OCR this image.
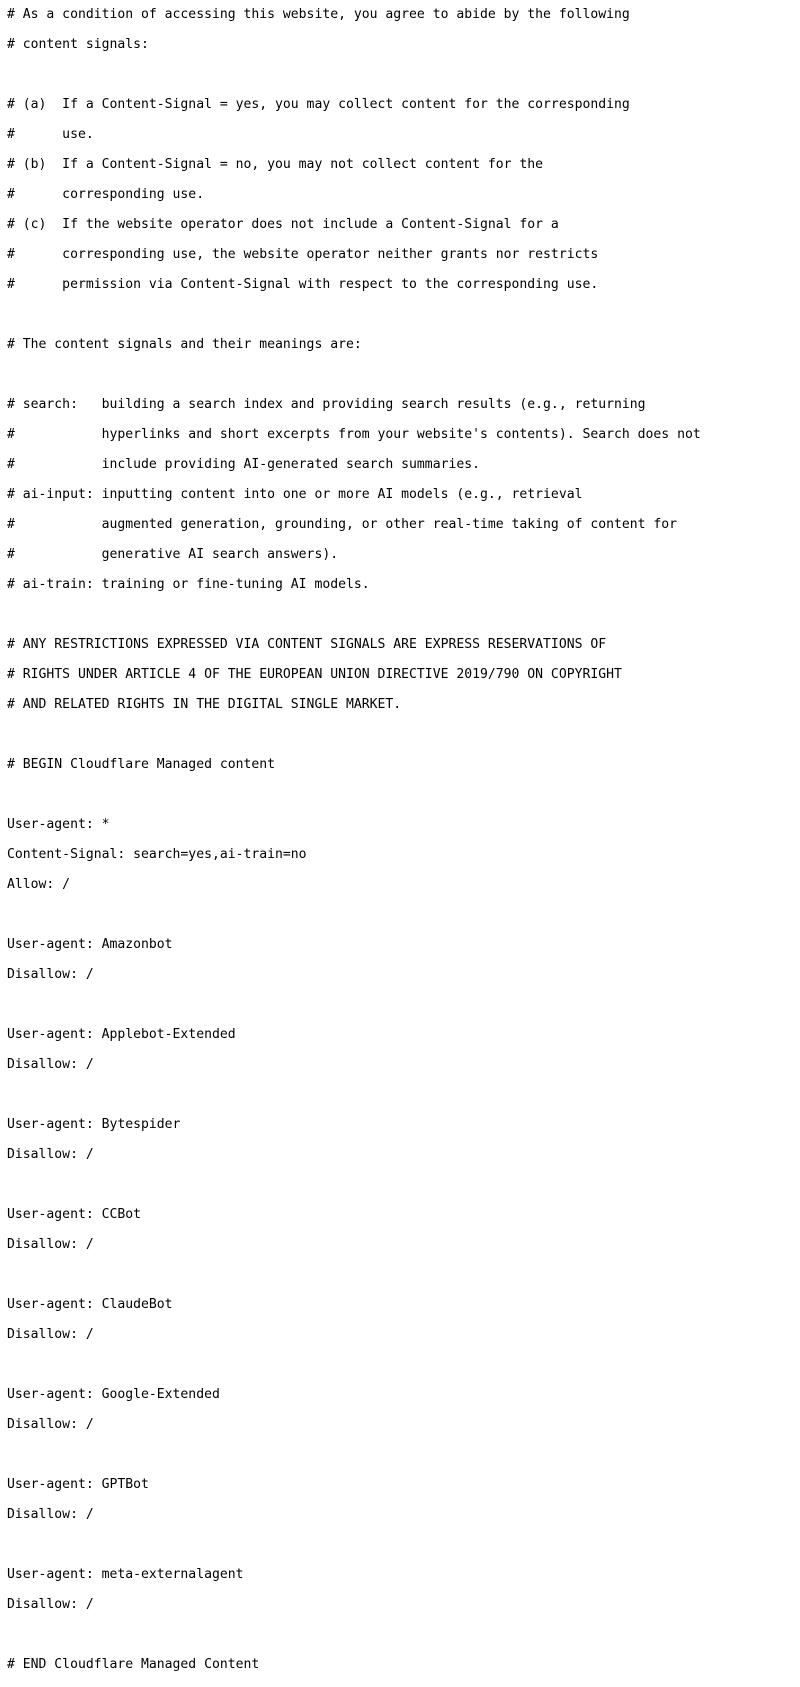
# As a condition of accessing this website, you agree to abide by the following

# content signals:

# (a)  If a Content-Signal = yes, you may collect content for the corresponding

#      use.

# (b)  If a Content-Signal = no, you may not collect content for the

#      corresponding use.

# (c)  If the website operator does not include a Content-Signal for a

#      corresponding use, the website operator neither grants nor restricts

#      permission via Content-Signal with respect to the corresponding use.

# The content signals and their meanings are:

# search:   building a search index and providing search results (e.g., returning

#           hyperlinks and short excerpts from your website's contents). Search does not

#           include providing AI-generated search summaries.

# ai-input: inputting content into one or more AI models (e.g., retrieval

#           augmented generation, grounding, or other real-time taking of content for

#           generative AI search answers).

# ai-train: training or fine-tuning AI models.

# ANY RESTRICTIONS EXPRESSED VIA CONTENT SIGNALS ARE EXPRESS RESERVATIONS OF

# RIGHTS UNDER ARTICLE 4 OF THE EUROPEAN UNION DIRECTIVE 2019/790 ON COPYRIGHT

# AND RELATED RIGHTS IN THE DIGITAL SINGLE MARKET.

# BEGIN Cloudflare Managed content

User-agent: *

Content-Signal: search=yes,ai-train=no

Allow: /

User-agent: Amazonbot

Disallow: /

User-agent: Applebot-Extended

Disallow: /

User-agent: Bytespider

Disallow: /

User-agent: CCBot

Disallow: /

User-agent: ClaudeBot

Disallow: /

User-agent: Google-Extended

Disallow: /

User-agent: GPTBot

Disallow: /

User-agent: meta-externalagent

Disallow: /

# END Cloudflare Managed Content
